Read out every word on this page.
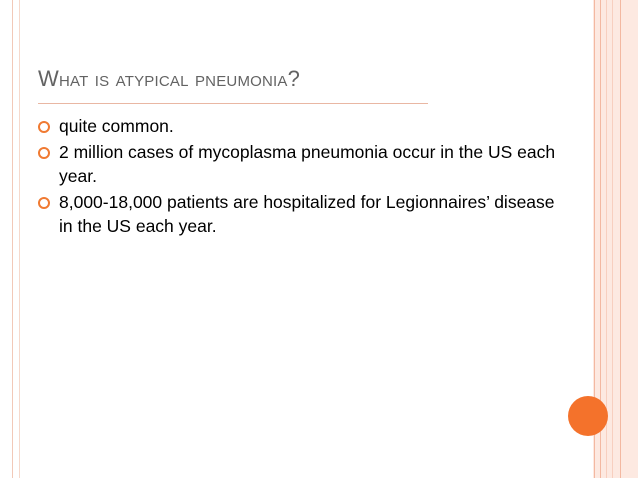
What is atypical pneumonia?
quite common.
2 million cases of mycoplasma pneumonia occur in the US each year.
8,000-18,000 patients are hospitalized for Legionnaires’ disease in the US each year.
